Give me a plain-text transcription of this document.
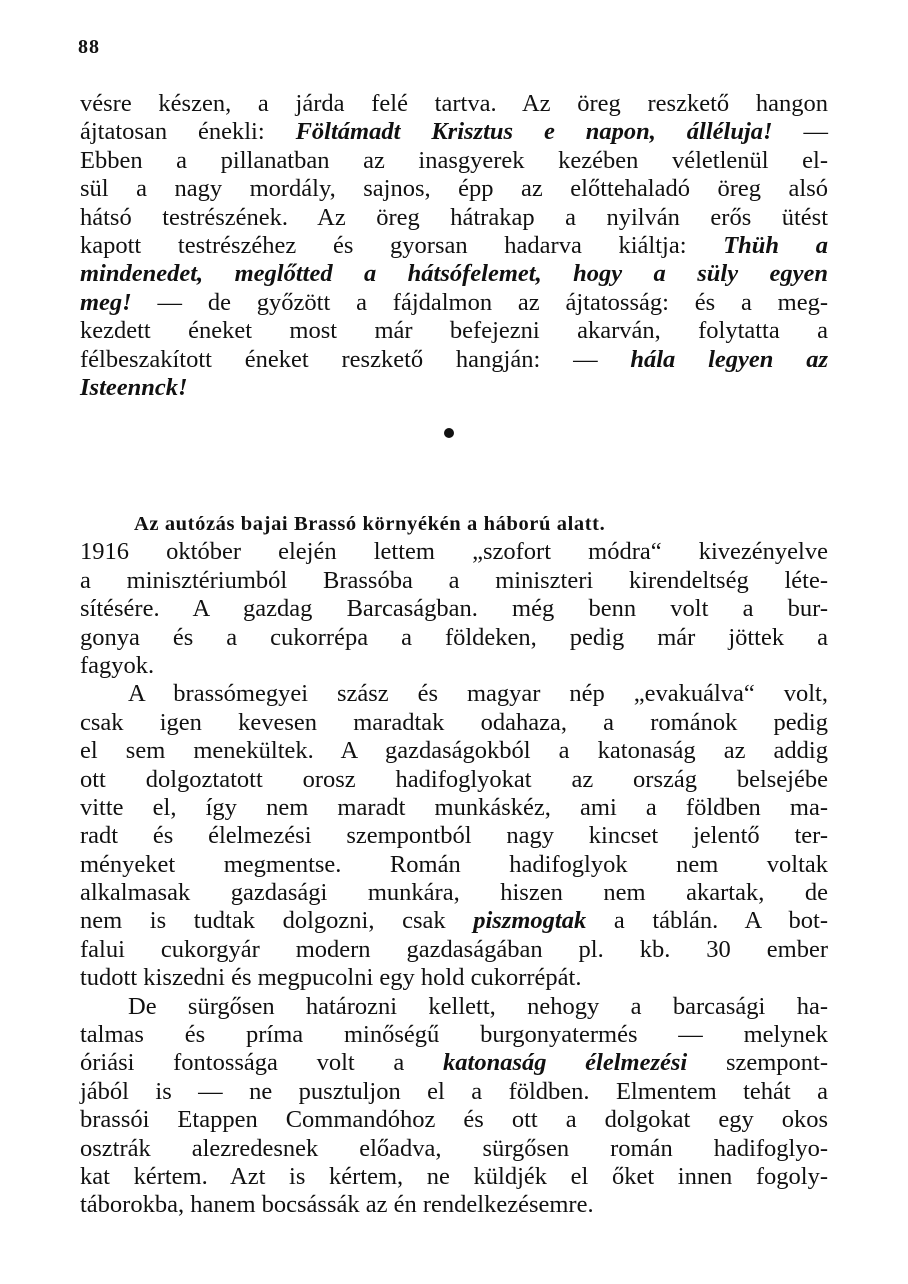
88
vésre készen, a járda felé tartva. Az öreg reszkető hangon
ájtatosan énekli: Föltámadt Krisztus e napon, álléluja! —
Ebben a pillanatban az inasgyerek kezében véletlenül el-
sül a nagy mordály, sajnos, épp az előttehaladó öreg alsó
hátsó testrészének. Az öreg hátrakap a nyilván erős ütést
kapott testrészéhez és gyorsan hadarva kiáltja: Thüh a
mindenedet, meglőtted a hátsófelemet, hogy a süly egyen
meg! — de győzött a fájdalmon az ájtatosság: és a meg-
kezdett éneket most már befejezni akarván, folytatta a
félbeszakított éneket reszkető hangján: — hála legyen az
Isteennck!
Az autózás bajai Brassó környékén a háború alatt.
1916 október elején lettem „szofort módra“ kivezényelve
a minisztériumból Brassóba a miniszteri kirendeltség léte-
sítésére. A gazdag Barcaságban. még benn volt a bur-
gonya és a cukorrépa a földeken, pedig már jöttek a
fagyok.
A brassómegyei szász és magyar nép „evakuálva“ volt,
csak igen kevesen maradtak odahaza, a románok pedig
el sem menekültek. A gazdaságokból a katonaság az addig
ott dolgoztatott orosz hadifoglyokat az ország belsejébe
vitte el, így nem maradt munkáskéz, ami a földben ma-
radt és élelmezési szempontból nagy kincset jelentő ter-
ményeket megmentse. Román hadifoglyok nem voltak
alkalmasak gazdasági munkára, hiszen nem akartak, de
nem is tudtak dolgozni, csak piszmogtak a táblán. A bot-
falui cukorgyár modern gazdaságában pl. kb. 30 ember
tudott kiszedni és megpucolni egy hold cukorrépát.
De sürgősen határozni kellett, nehogy a barcasági ha-
talmas és príma minőségű burgonyatermés — melynek
óriási fontossága volt a katonaság élelmezési szempont-
jából is — ne pusztuljon el a földben. Elmentem tehát a
brassói Etappen Commandóhoz és ott a dolgokat egy okos
osztrák alezredesnek előadva, sürgősen román hadifoglyo-
kat kértem. Azt is kértem, ne küldjék el őket innen fogoly-
táborokba, hanem bocsássák az én rendelkezésemre.
